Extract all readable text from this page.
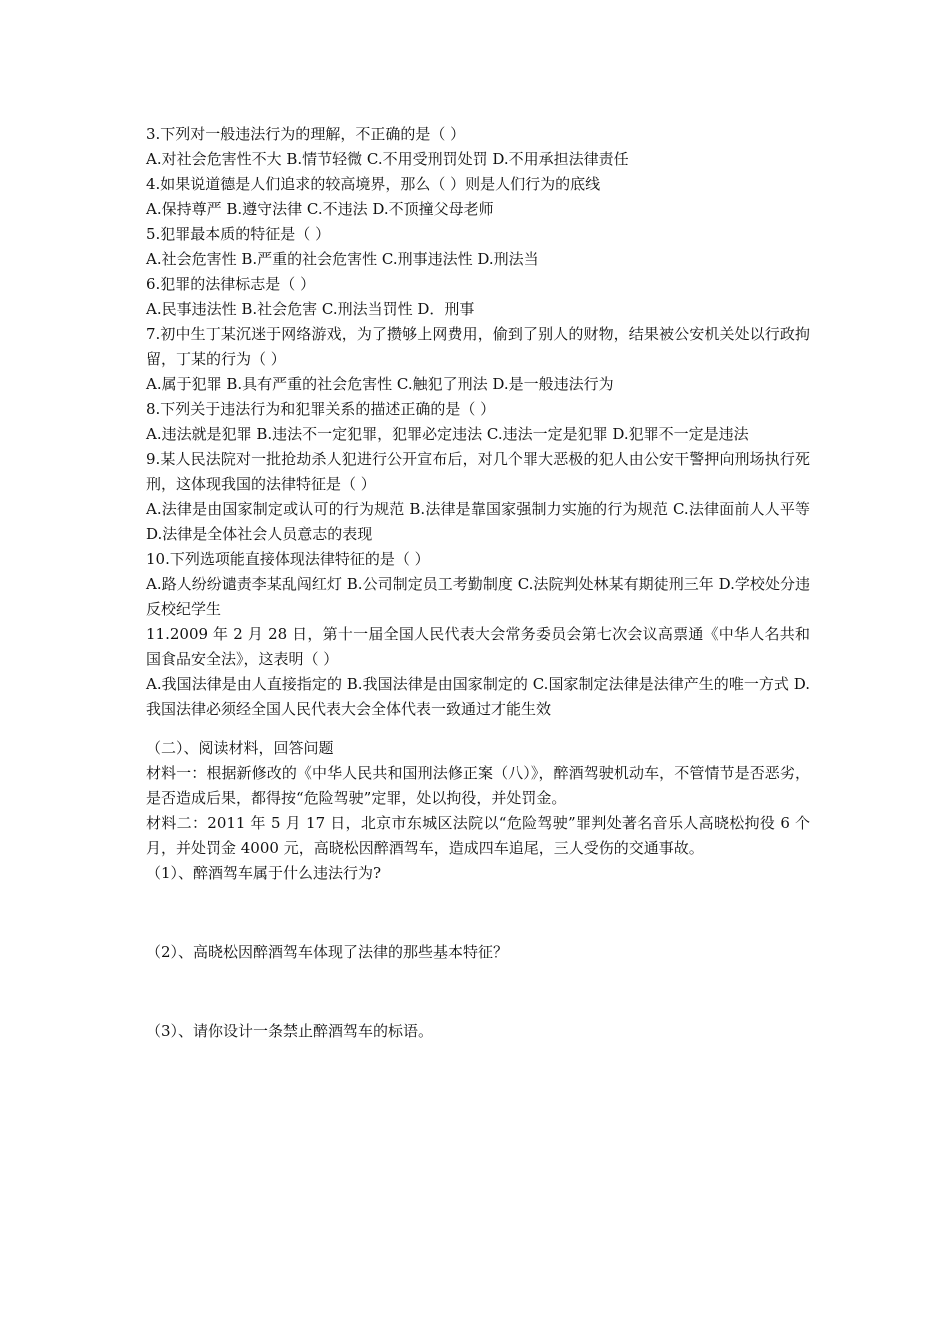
3.下列对一般违法行为的理解，不正确的是（ ）

A.对社会危害性不大 B.情节轻微 C.不用受刑罚处罚 D.不用承担法律责任

4.如果说道德是人们追求的较高境界，那么（ ）则是人们行为的底线

A.保持尊严 B.遵守法律 C.不违法 D.不顶撞父母老师

5.犯罪最本质的特征是（ ）

A.社会危害性 B.严重的社会危害性 C.刑事违法性 D.刑法当

6.犯罪的法律标志是（ ）

A.民事违法性 B.社会危害 C.刑法当罚性 D．刑事

7.初中生丁某沉迷于网络游戏，为了攒够上网费用，偷到了别人的财物，结果被公安机关处以行政拘留，丁某的行为（ ）

A.属于犯罪 B.具有严重的社会危害性 C.触犯了刑法 D.是一般违法行为

8.下列关于违法行为和犯罪关系的描述正确的是（ ）

A.违法就是犯罪 B.违法不一定犯罪，犯罪必定违法 C.违法一定是犯罪 D.犯罪不一定是违法

9.某人民法院对一批抢劫杀人犯进行公开宣布后，对几个罪大恶极的犯人由公安干警押向刑场执行死刑，这体现我国的法律特征是（ ）

A.法律是由国家制定或认可的行为规范 B.法律是靠国家强制力实施的行为规范 C.法律面前人人平等 D.法律是全体社会人员意志的表现

10.下列选项能直接体现法律特征的是（ ）

A.路人纷纷谴责李某乱闯红灯 B.公司制定员工考勤制度 C.法院判处林某有期徒刑三年 D.学校处分违反校纪学生

11.2009 年 2 月 28 日，第十一届全国人民代表大会常务委员会第七次会议高票通《中华人名共和国食品安全法》，这表明（ ）

A.我国法律是由人直接指定的 B.我国法律是由国家制定的 C.国家制定法律是法律产生的唯一方式 D.我国法律必须经全国人民代表大会全体代表一致通过才能生效

（二）、阅读材料，回答问题

材料一：根据新修改的《中华人民共和国刑法修正案（八）》，醉酒驾驶机动车，不管情节是否恶劣，是否造成后果，都得按“危险驾驶”定罪，处以拘役，并处罚金。

材料二：2011 年 5 月 17 日，北京市东城区法院以“危险驾驶”罪判处著名音乐人高晓松拘役 6 个月，并处罚金 4000 元，高晓松因醉酒驾车，造成四车追尾，三人受伤的交通事故。

（1）、醉酒驾车属于什么违法行为?

（2）、高晓松因醉酒驾车体现了法律的那些基本特征？

（3）、请你设计一条禁止醉酒驾车的标语。
